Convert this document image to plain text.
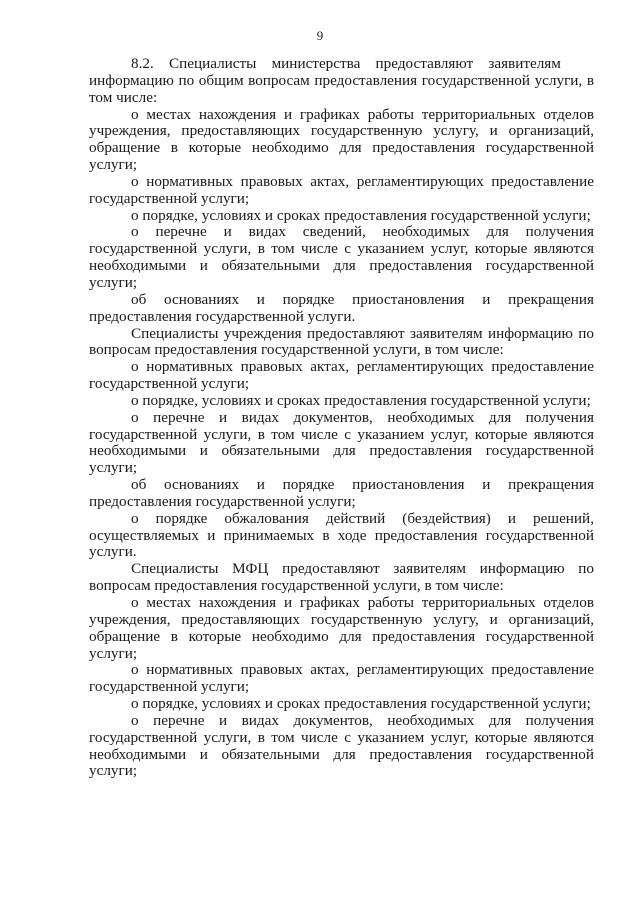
9

8.2. Специалисты министерства предоставляют заявителям информацию по общим вопросам предоставления государственной услуги, в том числе:

о местах нахождения и графиках работы территориальных отделов учреждения, предоставляющих государственную услугу, и организаций, обращение в которые необходимо для предоставления государственной услуги;

о нормативных правовых актах, регламентирующих предоставление государственной услуги;

о порядке, условиях и сроках предоставления государственной услуги;

о перечне и видах сведений, необходимых для получения государственной услуги, в том числе с указанием услуг, которые являются необходимыми и обязательными для предоставления государственной услуги;

об основаниях и порядке приостановления и прекращения предоставления государственной услуги.

Специалисты учреждения предоставляют заявителям информацию по вопросам предоставления государственной услуги, в том числе:

о нормативных правовых актах, регламентирующих предоставление государственной услуги;

о порядке, условиях и сроках предоставления государственной услуги;

о перечне и видах документов, необходимых для получения государственной услуги, в том числе с указанием услуг, которые являются необходимыми и обязательными для предоставления государственной услуги;

об основаниях и порядке приостановления и прекращения предоставления государственной услуги;

о порядке обжалования действий (бездействия) и решений, осуществляемых и принимаемых в ходе предоставления государственной услуги.

Специалисты МФЦ предоставляют заявителям информацию по вопросам предоставления государственной услуги, в том числе:

о местах нахождения и графиках работы территориальных отделов учреждения, предоставляющих государственную услугу, и организаций, обращение в которые необходимо для предоставления государственной услуги;

о нормативных правовых актах, регламентирующих предоставление государственной услуги;

о порядке, условиях и сроках предоставления государственной услуги;

о перечне и видах документов, необходимых для получения государственной услуги, в том числе с указанием услуг, которые являются необходимыми и обязательными для предоставления государственной услуги;
